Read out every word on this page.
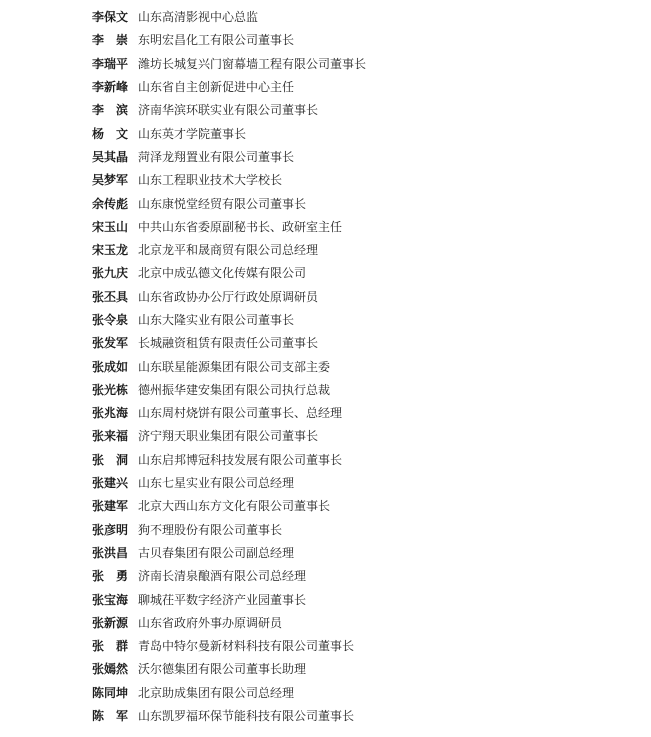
李保文 山东高清影视中心总监
李　崇 东明宏昌化工有限公司董事长
李瑞平 潍坊长城复兴门窗幕墙工程有限公司董事长
李新峰 山东省自主创新促进中心主任
李　滨 济南华滨环联实业有限公司董事长
杨　文 山东英才学院董事长
吴其晶 菏泽龙翔置业有限公司董事长
吴梦军 山东工程职业技术大学校长
余传彪 山东康悦堂经贸有限公司董事长
宋玉山 中共山东省委原副秘书长、政研室主任
宋玉龙 北京龙平和晟商贸有限公司总经理
张九庆 北京中成弘德文化传媒有限公司
张丕具 山东省政协办公厅行政处原调研员
张令泉 山东大隆实业有限公司董事长
张发军 长城融资租赁有限责任公司董事长
张成如 山东联星能源集团有限公司支部主委
张光栋 德州振华建安集团有限公司执行总裁
张兆海 山东周村烧饼有限公司董事长、总经理
张来福 济宁翔天职业集团有限公司董事长
张　洞 山东启邦博冠科技发展有限公司董事长
张建兴 山东七星实业有限公司总经理
张建军 北京大西山东方文化有限公司董事长
张彦明 狗不理股份有限公司董事长
张洪昌 古贝春集团有限公司副总经理
张　勇 济南长清泉酿酒有限公司总经理
张宝海 聊城茌平数字经济产业园董事长
张新源 山东省政府外事办原调研员
张　群 青岛中特尔曼新材料科技有限公司董事长
张嫣然 沃尔德集团有限公司董事长助理
陈同坤 北京助成集团有限公司总经理
陈　军 山东凯罗福环保节能科技有限公司董事长
